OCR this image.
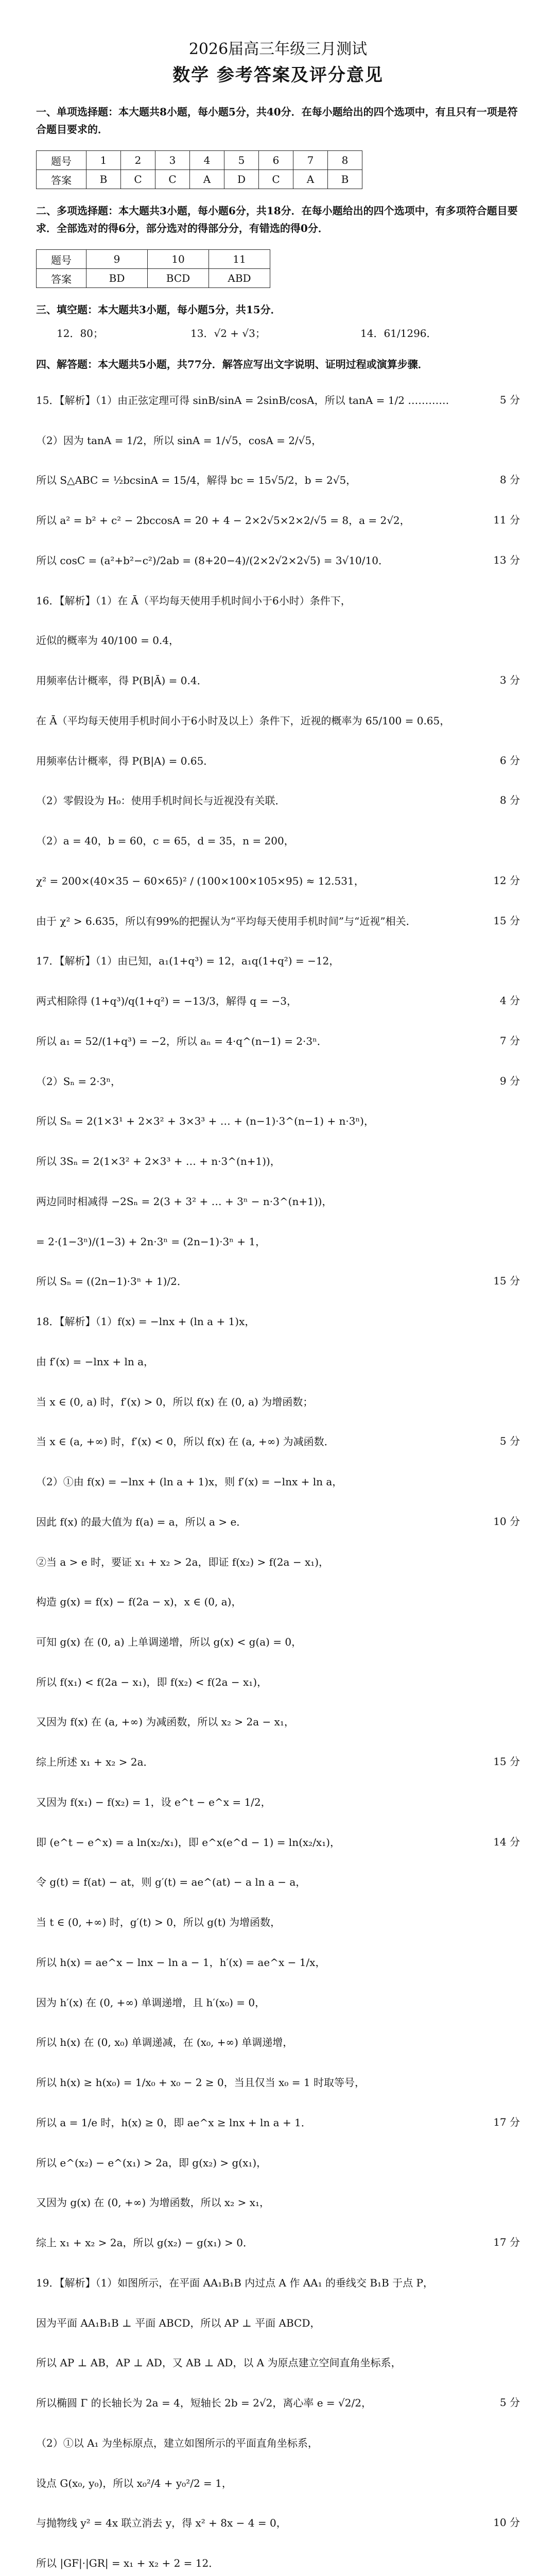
2026届高三年级三月测试
数学 参考答案及评分意见
一、单项选择题：本大题共8小题，每小题5分，共40分．在每小题给出的四个选项中，有且只有一项是符合题目要求的．
题号	1	2	3	4	5	6	7	8
答案	B	C	C	A	D	C	A	B
二、多项选择题：本大题共3小题，每小题6分，共18分．在每小题给出的四个选项中，有多项符合题目要求．全部选对的得6分，部分选对的得部分分，有错选的得0分．
题号	9	10	11
答案	BD	BCD	ABD
三、填空题：本大题共3小题，每小题5分，共15分．
12．80；	13．√2 + √3；	14．61/1296．
四、解答题：本大题共5小题，共77分．解答应写出文字说明、证明过程或演算步骤．
15．【解析】（1）由正弦定理可得 sinB/sinA = 2sinB/cosA，所以 tanA = 1/2 …………	5 分
（2）因为 tanA = 1/2，所以 sinA = 1/√5，cosA = 2/√5，
所以 S△ABC = ½bcsinA = 15/4，解得 bc = 15√5/2，b = 2√5，	8 分
所以 a² = b² + c² − 2bccosA = 20 + 4 − 2×2√5×2×2/√5 = 8，a = 2√2，	11 分
所以 cosC = (a²+b²−c²)/2ab = (8+20−4)/(2×2√2×2√5) = 3√10/10．	13 分
16．【解析】（1）在 Ā（平均每天使用手机时间小于6小时）条件下，
近似的概率为 40/100 = 0.4，
用频率估计概率，得 P(B|Ā) = 0.4．	3 分
在 Ā（平均每天使用手机时间小于6小时及以上）条件下，近视的概率为 65/100 = 0.65，
用频率估计概率，得 P(B|A) = 0.65．	6 分
（2）零假设为 H₀：使用手机时间长与近视没有关联．	8 分
（2）a = 40，b = 60，c = 65，d = 35，n = 200，
χ² = 200×(40×35 − 60×65)² / (100×100×105×95) ≈ 12.531，	12 分
由于 χ² > 6.635，所以有99%的把握认为“平均每天使用手机时间”与“近视”相关．	15 分
17．【解析】（1）由已知，a₁(1+q³) = 12，a₁q(1+q²) = −12，
两式相除得 (1+q³)/q(1+q²) = −13/3，解得 q = −3，	4 分
所以 a₁ = 52/(1+q³) = −2，所以 aₙ = 4·q^(n−1) = 2·3ⁿ．	7 分
（2）Sₙ = 2·3ⁿ，	9 分
所以 Sₙ = 2(1×3¹ + 2×3² + 3×3³ + … + (n−1)·3^(n−1) + n·3ⁿ)，
所以 3Sₙ = 2(1×3² + 2×3³ + … + n·3^(n+1))，
两边同时相减得 −2Sₙ = 2(3 + 3² + … + 3ⁿ − n·3^(n+1))，
= 2·(1−3ⁿ)/(1−3) + 2n·3ⁿ = (2n−1)·3ⁿ + 1，
所以 Sₙ = ((2n−1)·3ⁿ + 1)/2．	15 分
18．【解析】（1）f(x) = −lnx + (ln a + 1)x，
由 f′(x) = −lnx + ln a，
当 x ∈ (0, a) 时，f′(x) > 0，所以 f(x) 在 (0, a) 为增函数；
当 x ∈ (a, +∞) 时，f′(x) < 0，所以 f(x) 在 (a, +∞) 为减函数．	5 分
（2）①由 f(x) = −lnx + (ln a + 1)x，则 f′(x) = −lnx + ln a，
因此 f(x) 的最大值为 f(a) = a，所以 a > e．	10 分
②当 a > e 时，要证 x₁ + x₂ > 2a，即证 f(x₂) > f(2a − x₁)，
构造 g(x) = f(x) − f(2a − x)，x ∈ (0, a)，
可知 g(x) 在 (0, a) 上单调递增，所以 g(x) < g(a) = 0，
所以 f(x₁) < f(2a − x₁)，即 f(x₂) < f(2a − x₁)，
又因为 f(x) 在 (a, +∞) 为减函数，所以 x₂ > 2a − x₁，
综上所述 x₁ + x₂ > 2a．	15 分
又因为 f(x₁) − f(x₂) = 1，设 e^t − e^x = 1/2，
即 (e^t − e^x) = a ln(x₂/x₁)，即 e^x(e^d − 1) = ln(x₂/x₁)，	14 分
令 g(t) = f(at) − at，则 g′(t) = ae^(at) − a ln a − a，
当 t ∈ (0, +∞) 时，g′(t) > 0，所以 g(t) 为增函数，
所以 h(x) = ae^x − lnx − ln a − 1，h′(x) = ae^x − 1/x，
因为 h′(x) 在 (0, +∞) 单调递增，且 h′(x₀) = 0，
所以 h(x) 在 (0, x₀) 单调递减，在 (x₀, +∞) 单调递增，
所以 h(x) ≥ h(x₀) = 1/x₀ + x₀ − 2 ≥ 0，当且仅当 x₀ = 1 时取等号，
所以 a = 1/e 时，h(x) ≥ 0，即 ae^x ≥ lnx + ln a + 1．	17 分
所以 e^(x₂) − e^(x₁) > 2a，即 g(x₂) > g(x₁)，
又因为 g(x) 在 (0, +∞) 为增函数，所以 x₂ > x₁，
综上 x₁ + x₂ > 2a，所以 g(x₂) − g(x₁) > 0．	17 分
19．【解析】（1）如图所示，在平面 AA₁B₁B 内过点 A 作 AA₁ 的垂线交 B₁B 于点 P，
因为平面 AA₁B₁B ⊥ 平面 ABCD，所以 AP ⊥ 平面 ABCD，
所以 AP ⊥ AB，AP ⊥ AD，又 AB ⊥ AD，以 A 为原点建立空间直角坐标系，
所以椭圆 Γ 的长轴长为 2a = 4，短轴长 2b = 2√2，离心率 e = √2/2，	5 分
（2）①以 A₁ 为坐标原点，建立如图所示的平面直角坐标系，
设点 G(x₀, y₀)，所以 x₀²/4 + y₀²/2 = 1，
与抛物线 y² = 4x 联立消去 y，得 x² + 8x − 4 = 0，	10 分
所以 |GF|·|GR| = x₁ + x₂ + 2 = 12．
